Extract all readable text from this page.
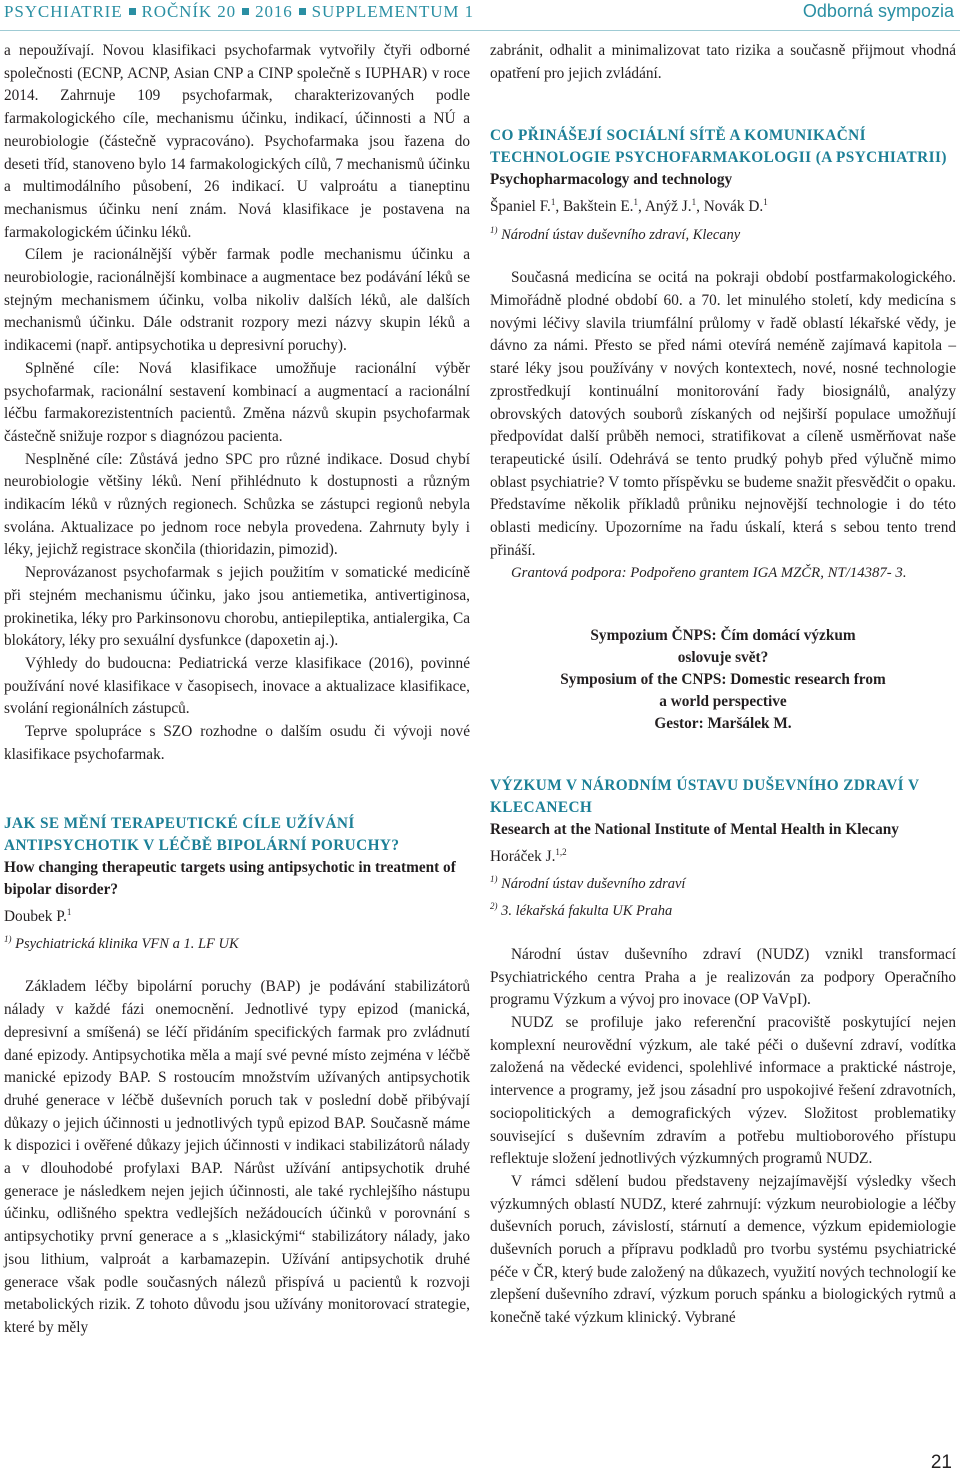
PSYCHIATRIE ROČNÍK 20 2016 SUPPLEMENTUM 1	Odborná sympozia

a nepoužívají. Novou klasifikaci psychofarmak vytvořily čtyři odborné společnosti (ECNP, ACNP, Asian CNP a CINP společně s IUPHAR) v roce 2014. Zahrnuje 109 psychofarmak, charakterizovaných podle farmakologického cíle, mechanismu účinku, indikací, účinnosti a NÚ a neurobiologie (částečně vypracováno). Psychofarmaka jsou řazena do deseti tříd, stanoveno bylo 14 farmakologických cílů, 7 mechanismů účinku a multimodálního působení, 26 indikací. U valproátu a tianeptinu mechanismus účinku není znám. Nová klasifikace je postavena na farmakologickém účinku léků.

Cílem je racionálnější výběr farmak podle mechanismu účinku a neurobiologie, racionálnější kombinace a augmentace bez podávání léků se stejným mechanismem účinku, volba nikoliv dalších léků, ale dalších mechanismů účinku. Dále odstranit rozpory mezi názvy skupin léků a indikacemi (např. antipsychotika u depresivní poruchy).

Splněné cíle: Nová klasifikace umožňuje racionální výběr psychofarmak, racionální sestavení kombinací a augmentací a racionální léčbu farmakorezistentních pacientů. Změna názvů skupin psychofarmak částečně snižuje rozpor s diagnózou pacienta.

Nesplněné cíle: Zůstává jedno SPC pro různé indikace. Dosud chybí neurobiologie většiny léků. Není přihlédnuto k dostupnosti a různým indikacím léků v různých regionech. Schůzka se zástupci regionů nebyla svolána. Aktualizace po jednom roce nebyla provedena. Zahrnuty byly i léky, jejichž registrace skončila (thioridazin, pimozid).

Neprovázanost psychofarmak s jejich použitím v somatické medicíně při stejném mechanismu účinku, jako jsou antiemetika, antivertiginosa, prokinetika, léky pro Parkinsonovu chorobu, antiepileptika, antialergika, Ca blokátory, léky pro sexuální dysfunkce (dapoxetin aj.).

Výhledy do budoucna: Pediatrická verze klasifikace (2016), povinné používání nové klasifikace v časopisech, inovace a aktualizace klasifikace, svolání regionálních zástupců.

Teprve spolupráce s SZO rozhodne o dalším osudu či vývoji nové klasifikace psychofarmak.

JAK SE MĚNÍ TERAPEUTICKÉ CÍLE UŽÍVÁNÍ ANTIPSYCHOTIK V LÉČBĚ BIPOLÁRNÍ PORUCHY?

How changing therapeutic targets using antipsychotic in treatment of bipolar disorder?

Doubek P.$^1$

$^{1)}$ Psychiatrická klinika VFN a 1. LF UK

Základem léčby bipolární poruchy (BAP) je podávání stabilizátorů nálady v každé fázi onemocnění. Jednotlivé typy epizod (manická, depresivní a smíšená) se léčí přidáním specifických farmak pro zvládnutí dané epizody. Antipsychotika měla a mají své pevné místo zejména v léčbě manické epizody BAP. S rostoucím množstvím užívaných antipsychotik druhé generace v léčbě duševních poruch tak v poslední době přibývají důkazy o jejich účinnosti u jednotlivých typů epizod BAP. Současně máme k dispozici i ověřené důkazy jejich účinnosti v indikaci stabilizátorů nálady a v dlouhodobé profylaxi BAP. Nárůst užívání antipsychotik druhé generace je následkem nejen jejich účinnosti, ale také rychlejšího nástupu účinku, odlišného spektra vedlejších nežádoucích účinků v porovnání s antipsychotiky první generace a s „klasickými“ stabilizátory nálady, jako jsou lithium, valproát a karbamazepin. Užívání antipsychotik druhé generace však podle současných nálezů přispívá u pacientů k rozvoji metabolických rizik. Z tohoto důvodu jsou užívány monitorovací strategie, které by měly

zabránit, odhalit a minimalizovat tato rizika a současně přijmout vhodná opatření pro jejich zvládání.

CO PŘINÁŠEJÍ SOCIÁLNÍ SÍTĚ A KOMUNIKAČNÍ TECHNOLOGIE PSYCHOFARMAKOLOGII (A PSYCHIATRII)

Psychopharmacology and technology

Španiel F.$^1$, Bakštein E.$^1$, Anýž J.$^1$, Novák D.$^1$

$^{1)}$ Národní ústav duševního zdraví, Klecany

Současná medicína se ocitá na pokraji období postfarmakologického. Mimořádně plodné období 60. a 70. let minulého století, kdy medicína s novými léčivy slavila triumfální průlomy v řadě oblastí lékařské vědy, je dávno za námi. Přesto se před námi otevírá neméně zajímavá kapitola – staré léky jsou používány v nových kontextech, nové, nosné technologie zprostředkují kontinuální monitorování řady biosignálů, analýzy obrovských datových souborů získaných od nejširší populace umožňují předpovídat další průběh nemoci, stratifikovat a cíleně usměrňovat naše terapeutické úsilí. Odehrává se tento prudký pohyb před výlučně mimo oblast psychiatrie? V tomto příspěvku se budeme snažit přesvědčit o opaku. Představíme několik příkladů průniku nejnovější technologie i do této oblasti medicíny. Upozorníme na řadu úskalí, která s sebou tento trend přináší.

Grantová podpora: Podpořeno grantem IGA MZČR, NT/14387- 3.

Sympozium ČNPS: Čím domácí výzkum

oslovuje svět?

Symposium of the CNPS: Domestic research from

a world perspective

Gestor: Maršálek M.

VÝZKUM V NÁRODNÍM ÚSTAVU DUŠEVNÍHO ZDRAVÍ V KLECANECH

Research at the National Institute of Mental Health in Klecany

Horáček J.$^{1,2}$

$^{1)}$ Národní ústav duševního zdraví

$^{2)}$ 3. lékařská fakulta UK Praha

Národní ústav duševního zdraví (NUDZ) vznikl transformací Psychiatrického centra Praha a je realizován za podpory Operačního programu Výzkum a vývoj pro inovace (OP VaVpI).

NUDZ se profiluje jako referenční pracoviště poskytující nejen komplexní neurovědní výzkum, ale také péči o duševní zdraví, vodítka založená na vědecké evidenci, spolehlivé informace a praktické nástroje, intervence a programy, jež jsou zásadní pro uspokojivé řešení zdravotních, sociopolitických a demografických výzev. Složitost problematiky související s duševním zdravím a potřebu multioborového přístupu reflektuje složení jednotlivých výzkumných programů NUDZ.

V rámci sdělení budou představeny nejzajímavější výsledky všech výzkumných oblastí NUDZ, které zahrnují: výzkum neurobiologie a léčby duševních poruch, závislostí, stárnutí a demence, výzkum epidemiologie duševních poruch a přípravu podkladů pro tvorbu systému psychiatrické péče v ČR, který bude založený na důkazech, využití nových technologií ke zlepšení duševního zdraví, výzkum poruch spánku a biologických rytmů a konečně také výzkum klinický. Vybrané

21
